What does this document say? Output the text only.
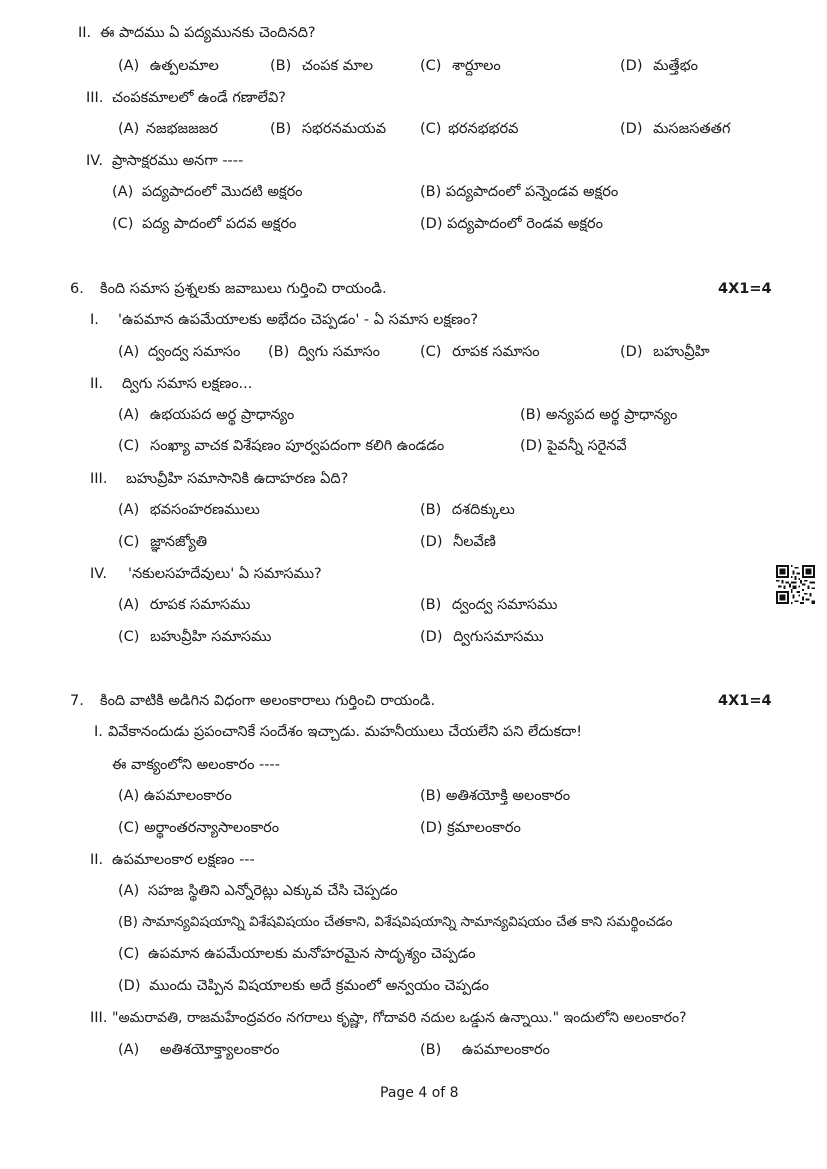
II. ఈ పాదము ఏ పద్యమునకు చెందినది?
(A) ఉత్పలమాల	(B) చంపక మాల	(C) శార్దూలం	(D) మత్తేభం
III. చంపకమాలలో ఉండే గణాలేవి?
(A) నజభజజజర	(B) సభరనమయవ (C) భరనభభరవ	(D) మసజసతతగ
IV. ప్రాసాక్షరము అనగా ----
(A) పద్యపాదంలో మొదటి అక్షరం	(B) పద్యపాదంలో పన్నెండవ అక్షరం
(C) పద్య పాదంలో పదవ అక్షరం	(D) పద్యపాదంలో రెండవ అక్షరం
6. కింది సమాస ప్రశ్నలకు జవాబులు గుర్తించి రాయండి.	4X1=4
I. 'ఉపమాన ఉపమేయాలకు అభేదం చెప్పడం' - ఏ సమాస లక్షణం?
(A) ద్వంద్వ సమాసం (B) ద్విగు సమాసం	(C) రూపక సమాసం	(D) బహువ్రీహి
II. ద్విగు సమాస లక్షణం...
(A) ఉభయపద అర్థ ప్రాధాన్యం	(B) అన్యపద అర్థ ప్రాధాన్యం
(C) సంఖ్యా వాచక విశేషణం పూర్వపదంగా కలిగి ఉండడం	(D) పైవన్నీ సరైనవే
III. బహువ్రీహి సమాసానికి ఉదాహరణ ఏది?
(A) భవసంహరణములు	(B) దశదిక్కులు
(C) జ్ఞానజ్యోతి	(D) నీలవేణి
IV. 'నకులసహదేవులు' ఏ సమాసము?
(A) రూపక సమాసము	(B) ద్వంద్వ సమాసము
(C) బహువ్రీహి సమాసము	(D) ద్విగుసమాసము
7. కింది వాటికి అడిగిన విధంగా అలంకారాలు గుర్తించి రాయండి.	4X1=4
I. వివేకానందుడు ప్రపంచానికే సందేశం ఇచ్చాడు. మహనీయులు చేయలేని పని లేదుకదా!
ఈ వాక్యంలోని అలంకారం ----
(A) ఉపమాలంకారం	(B) అతిశయోక్తి అలంకారం
(C) అర్థాంతరన్యాసాలంకారం	(D) క్రమాలంకారం
II. ఉపమాలంకార లక్షణం ---
(A) సహజ స్థితిని ఎన్నోరెట్లు ఎక్కువ చేసి చెప్పడం
(B) సామాన్యవిషయాన్ని విశేషవిషయం చేతకాని, విశేషవిషయాన్ని సామాన్యవిషయం చేత కాని సమర్థించడం
(C) ఉపమాన ఉపమేయాలకు మనోహరమైన సాదృశ్యం చెప్పడం
(D) ముందు చెప్పిన విషయాలకు అదే క్రమంలో అన్వయం చెప్పడం
III. "అమరావతి, రాజమహేంద్రవరం నగరాలు కృష్ణా, గోదావరి నదుల ఒడ్డున ఉన్నాయి." ఇందులోని అలంకారం?
(A) అతిశయోక్త్యాలంకారం	(B) ఉపమాలంకారం
Page 4 of 8
